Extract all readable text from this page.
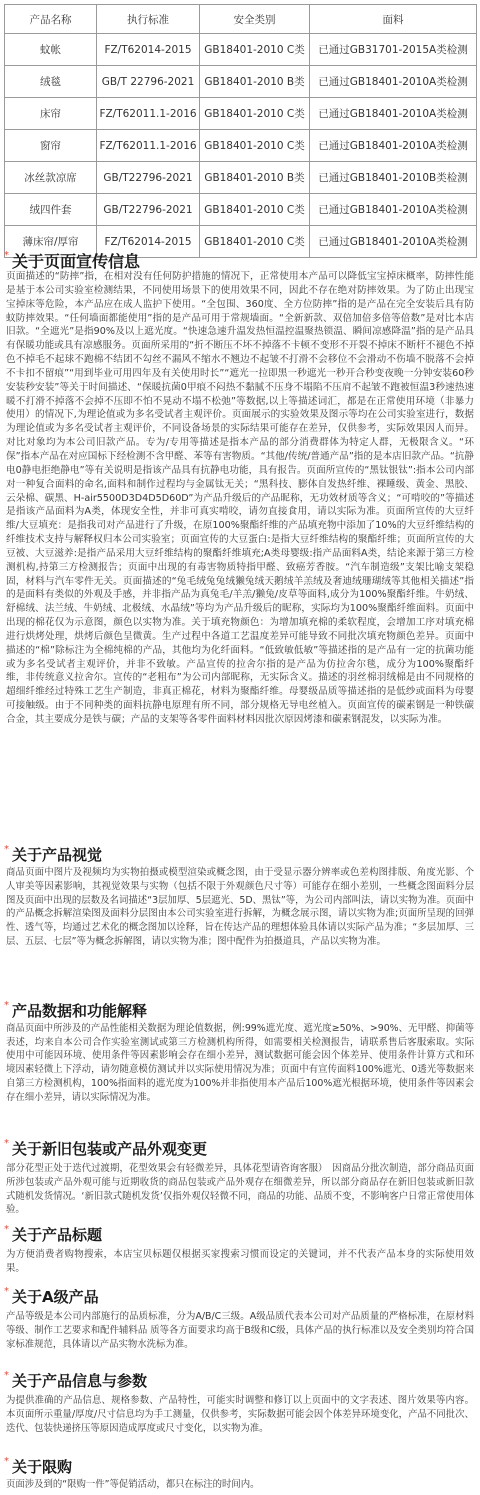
产品名称	执行标准	安全类别	面料
蚊帐	FZ/T62014-2015	GB18401-2010 C类	已通过GB31701-2015A类检测
绒毯	GB/T 22796-2021	GB18401-2010 B类	已通过GB18401-2010A类检测
床帘	FZ/T62011.1-2016	GB18401-2010 C类	已通过GB18401-2010A类检测
窗帘	FZ/T62011.1-2016	GB18401-2010 C类	已通过GB18401-2010A类检测
冰丝款凉席	GB/T22796-2021	GB18401-2010 B类	已通过GB18401-2010B类检测
绒四件套	GB/T22796-2021	GB18401-2010 C类	已通过GB18401-2010A类检测
薄床帘/厚帘	FZ/T62014-2015	GB18401-2010 C类	已通过GB18401-2010A类检测
* 关于页面宣传信息
页面描述的“防摔”指，在相对没有任何防护措施的情况下，正常使用本产品可以降低宝宝掉床概率，防摔性能是基于本公司实验室检测结果，不同使用场景下的使用效果不同，因此不存在绝对防摔效果。为了防止出现宝宝掉床等危险，本产品应在成人监护下使用。“全包围、360度、全方位防摔”指的是产品在完全安装后具有防蚊防摔效果。“任何墙面都能使用”指的是产品可用于常规墙面。“全新新款、双倍加倍多倍等倍数”是对比本店旧款。“全遮光”是指90%及以上遮光度。“快速急速升温发热恒温控温聚热锁温、瞬间凉感降温”指的是产品具有保暖功能或具有凉感服务。页面所采用的“折不断压不坏不掉落不卡顿不变形不开裂不掉床不断杆不褪色不掉色不掉毛不起球不跑棉不结团不勾丝不漏风不缩水不翘边不起皱不打滑不会移位不会滑动不伤墙不脱落不会掉不卡扣不留痕”“用到毕业可用四年及有关使用时长”“遮光一拉即黑一秒遮光一秒开合秒变夜晚一分钟安装60秒安装秒安装”等关于时间描述、“保暖抗菌0甲痕不闷热不黏腻不压身不塌陷不压肩不起皱不跑被恒温3秒速热速暖不打滑不掉落不会掉不压即不怕不晃动不塌不松弛”等数据,以上等描述词汇，都是在正常使用环境（非暴力使用）的情况下,为理论值或为多名受试者主观评价。页面展示的实验效果及图示等均在公司实验室进行，数据为理论值或为多名受试者主观评价，不同设备场景的实际结果可能存在差异，仅供参考，实际效果因人而异。对比对象均为本公司旧款产品。专为/专用等描述是指本产品的部分消费群体为特定人群，无极限含义。“环保”指本产品在对应国标下经检测不含甲醛、苯等有害物质。“其他/传统/普通产品”指的是本店旧款产品。“抗静电0静电拒绝静电”等有关说明是指该产品具有抗静电功能，具有报告。页面所宣传的“黑钛银钛”:指本公司内部对一种复合面料的命名,面料和制作过程均与金属钛无关；“黑科技、膨体自发热纤维、裸睡级、黄金、黑胶、云朵棉、碳黑、H-air5500D3D4D5D60D”为产品升级后的产品昵称，无功效材质等含义；“可啃咬的”等描述是指该产品面料为A类，体现安全性，并非可真实啃咬，请勿直接食用，请以实际为准。页面所宣传的大豆纤维/大豆填充：是指我司对产品进行了升级，在原100%聚酯纤维的产品填充物中添加了10%的大豆纤维结构的纤维技术支持与解释权归本公司实验室；页面宣传的大豆蛋白:是指大豆纤维结构的聚酯纤维；页面所宣传的大豆被、大豆滋养:是指产品采用大豆纤维结构的聚酯纤维填充;A类母婴级:指产品面料A类，结论来源于第三方检测机构,持第三方检测报告；页面中出现的有毒害物质特指甲醛、致癌芳香胺。“汽车制造级”支架比喻支架稳固，材料与汽车零件无关。页面描述的“兔毛绒兔兔绒獭兔绒天鹅绒羊羔绒及奢迪绒珊瑚绒等其他相关描述”指的是面料有类似的外观及手感，并非指产品为真兔毛/羊羔/獭兔/皮草等面料,成分为100%聚酯纤维。牛奶绒、舒棉绒、法兰绒、牛奶绒、北极绒、水晶绒”等均为产品升级后的昵称，实际均为100%聚酯纤维面料。页面中出现的棉花仅为示意图，颜色以实物为准。关于填充物颜色：为增加填充棉的柔软程度，会增加工序对填充棉进行烘烤处理，烘烤后颜色呈微黄。生产过程中各道工艺温度差异可能导致不同批次填充物颜色差异。页面中描述的“棉”除标注为全棉纯棉的产品，其他均为化纤面料。“低致敏低敏”等描述指的是产品有一定的抗菌功能或为多名受试者主观评价，并非不致敏。产品宣传的拉舍尔指的是产品为仿拉舍尔毯，成分为100%聚酯纤维，非传统意义拉舍尔。宣传的“老粗布”为公司内部昵称，无实际含义。描述的羽丝棉羽绒棉是由不同规格的超细纤维经过特殊工艺生产制造，非真正棉花，材料为聚酯纤维。母婴级品质等描述指的是低纱或面料为母婴可接触级。由于不同种类的面料抗静电原理有所不同，部分规格无导电丝植入。页面宣传的碳素钢是一种铁碳合金，其主要成分是铁与碳；产品的支架等各零件面料材料因批次原因烤漆和碳素钢混发，以实际为准。
* 关于产品视觉
商品页面中图片及视频均为实物拍摄或模型渲染或概念图，由于受显示器分辨率或色差构图排版、角度光影、个人审美等因素影响，其视觉效果与实物（包括不限于外观颜色尺寸等）可能存在细小差别，一些概念图面料分层图及页面中出现的层数及名词描述“3层加厚、5层遮光、5D、黑钛”等，为公司内部叫法，请以实物为准。页面中的产品概念拆解渲染图及面料分层图由本公司实验室进行拆解，为概念展示图，请以实物为准;页面所呈现的回弹性、透气等，均通过艺术化的概念图加以诠释，旨在传达产品的理想体验具体请以实际产品为准；“多层加厚、三层、五层、七层”等为概念拆解图，请以实物为准；图中配件为拍摄道具，产品以实物为准。
* 产品数据和功能解释
商品页面中所涉及的产品性能相关数据为理论值数据，例:99%遮光度、遮光度≥50%、>90%、无甲醛、抑菌等表述，均来自本公司合作实验室测试或第三方检测机构所得，如需要相关检测报告，请联系售后客服索取。实际使用中可能因环境、使用条件等因素影响会存在细小差异，测试数据可能会因个体差异、使用条件计算方式和环境因素轻微上下浮动，请勿随意模仿测试并以实际使用情况为准；页面中有宣传面料100%遮光、0透光等数据来自第三方检测机构，100%指面料的遮光度为100%并非指使用本产品后100%遮光根据环境，使用条件等因素会存在细小差异，请以实际情况为准。
* 关于新旧包装或产品外观变更
部分花型正处于迭代过渡期，花型效果会有轻微差异，具体花型请咨询客服）　因商品分批次制造，部分商品页面所涉包装或产品外观可能与近期收货的商品包装或产品外观存在细微差异，所以部分商品存在新旧包装或新旧款式随机发货情况。‘新旧款式随机发货’仅指外观仅轻微不同，商品的功能、品质不变，不影响客户日常正常使用体验。
* 关于产品标题
为方便消费者购物搜索，本店宝贝标题仅根据买家搜索习惯而设定的关键词，并不代表产品本身的实际使用效果。
* 关于A级产品
产品等级是本公司内部施行的品质标准，分为A/B/C三级。A级品质代表本公司对产品质量的严格标准，在原材料等级、制作工艺要求和配件辅料品 质等各方面要求均高于B级和C级，具体产品的执行标准以及安全类别均符合国家标准规范，具体请以产品实物水洗标为准。
* 关于产品信息与参数
为提供准确的产品信息、规格参数、产品特性，可能实时调整和修订以上页面中的文字表述、图片效果等内容。本页面所示重量/厚度/尺寸信息均为手工测量，仅供参考，实际数据可能会因个体差异环境变化，产品不同批次、迭代、包装快递挤压等原因造成厚度或尺寸变化，以实物为准。
* 关于限购
页面涉及到的“限购一件”等促销活动，都只在标注的时间内。
